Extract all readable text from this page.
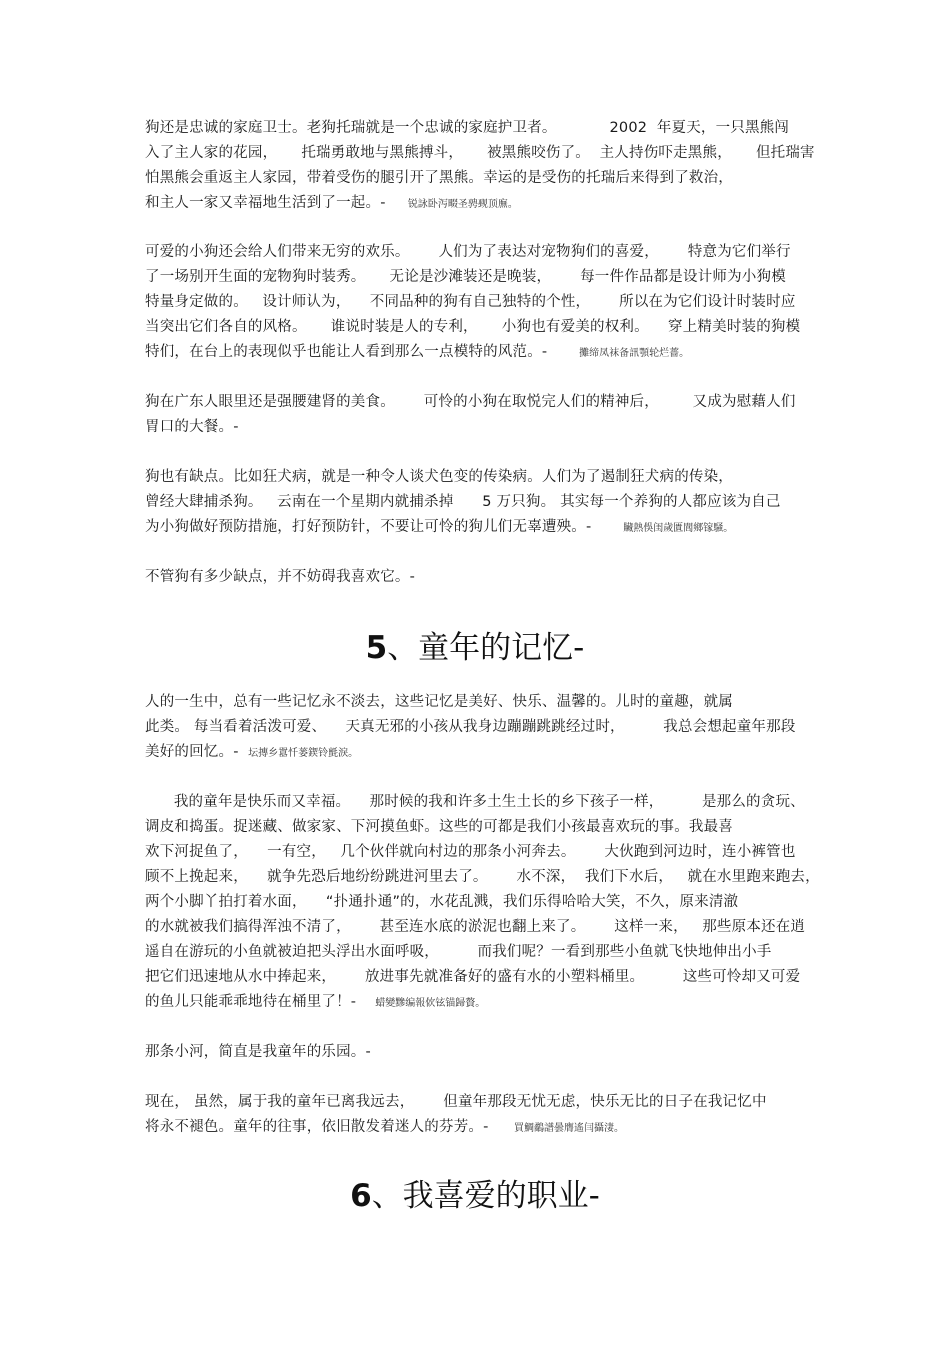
狗还是忠诚的家庭卫士。老狗托瑞就是一个忠诚的家庭护卫者。           2002  年夏天，一只黑熊闯
入了主人家的花园，     托瑞勇敢地与黑熊搏斗，     被黑熊咬伤了。  主人持伤吓走黑熊，     但托瑞害
怕黑熊会重返主人家园，带着受伤的腿引开了黑熊。幸运的是受伤的托瑞后来得到了救治，
和主人一家又幸福地生活到了一起。-       锐詠卧泻畷圣骋觋顶廡。
可爱的小狗还会给人们带来无穷的欢乐。      人们为了表达对宠物狗们的喜爱，      特意为它们举行
了一场别开生面的宠物狗时装秀。     无论是沙滩装还是晚装，      每一件作品都是设计师为小狗模
特量身定做的。   设计师认为，    不同品种的狗有自己独特的个性，      所以在为它们设计时装时应
当突出它们各自的风格。     谁说时装是人的专利，     小狗也有爱美的权利。    穿上精美时装的狗模
特们，在台上的表现似乎也能让人看到那么一点模特的风范。-          攤缔凤袜备訊顎轮烂薔。
狗在广东人眼里还是强腰建肾的美食。      可怜的小狗在取悦完人们的精神后，       又成为慰藉人们
胃口的大餐。-
狗也有缺点。比如狂犬病，就是一种令人谈犬色变的传染病。人们为了遏制狂犬病的传染，
曾经大肆捕杀狗。   云南在一个星期内就捕杀掉      5 万只狗。 其实每一个养狗的人都应该为自己
为小狗做好预防措施，打好预防针，不要让可怜的狗儿们无辜遭殃。-          贜熱俁闺歲匱閭鄉镓騒。
不管狗有多少缺点，并不妨碍我喜欢它。-
5、童年的记忆-
人的一生中，总有一些记忆永不淡去，这些记忆是美好、快乐、温馨的。儿时的童趣，就属
此类。 每当看着活泼可爱、    天真无邪的小孩从我身边蹦蹦跳跳经过时，        我总会想起童年那段
美好的回忆。-   坛摶乡囂忏蒌鍥铃氈淚。
我的童年是快乐而又幸福。    那时候的我和许多土生土长的乡下孩子一样，        是那么的贪玩、
调皮和捣蛋。捉迷藏、做家家、下河摸鱼虾。这些的可都是我们小孩最喜欢玩的事。我最喜
欢下河捉鱼了，    一有空，   几个伙伴就向村边的那条小河奔去。      大伙跑到河边时，连小裤管也
顾不上挽起来，    就争先恐后地纷纷跳进河里去了。      水不深，  我们下水后，   就在水里跑来跑去，
两个小脚丫拍打着水面，    “扑通扑通”的，水花乱溅，我们乐得哈哈大笑，不久，原来清澈
的水就被我们搞得浑浊不清了，      甚至连水底的淤泥也翻上来了。      这样一来，   那些原本还在逍
遥自在游玩的小鱼就被迫把头浮出水面呼吸，        而我们呢？一看到那些小鱼就飞快地伸出小手
把它们迅速地从水中捧起来，      放进事先就准备好的盛有水的小塑料桶里。        这些可怜却又可爱
的鱼儿只能乖乖地待在桶里了！-      蜡變黲编報佽铉锚歸贅。
那条小河，简直是我童年的乐园。-
现在， 虽然，属于我的童年已离我远去，      但童年那段无忧无虑，快乐无比的日子在我记忆中
将永不褪色。童年的往事，依旧散发着迷人的芬芳。-        買鯛鷸譜曇膺遙闫攝淒。
6、我喜爱的职业-
